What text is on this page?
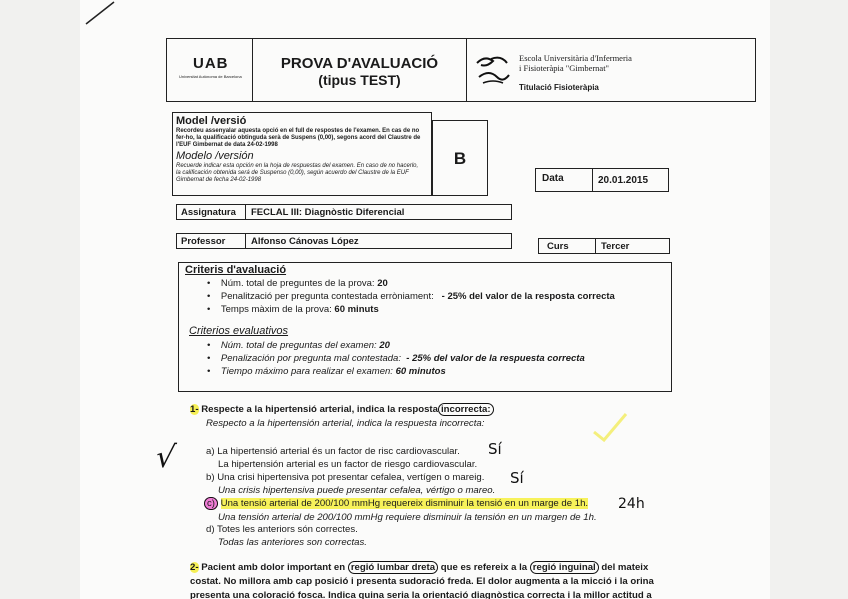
UAB
Universitat Autònoma de Barcelona
PROVA D'AVALUACIÓ
(tipus TEST)
Escola Universitària d'Infermeria
i Fisioteràpia "Gimbernat"
Titulació Fisioteràpia
Model /versió
Recordeu assenyalar aquesta opció en el full de respostes de l'examen. En cas de no fer-ho, la qualificació obtinguda serà de Suspens (0,00), segons acord del Claustre de l'EUF Gimbernat de data 24-02-1998
Modelo /versión
Recuerde indicar esta opción en la hoja de respuestas del examen. En caso de no hacerlo, la calificación obtenida será de Suspenso (0,00), según acuerdo del Claustre de la EUF Gimbernat de fecha 24-02-1998
B
Data	20.01.2015
Assignatura FECLAL III: Diagnòstic Diferencial
Professor	Alfonso Cánovas López	Curs	Tercer
Criteris d'avaluació
•    Núm. total de preguntes de la prova: 20
•    Penalització per pregunta contestada erròniament: - 25% del valor de la resposta correcta
•    Temps màxim de la prova: 60 minuts
Criterios evaluativos
•    Núm. total de preguntas del examen: 20
•    Penalización por pregunta mal contestada: - 25% del valor de la respuesta correcta
•    Tiempo máximo para realizar el examen: 60 minutos
1- Respecte a la hipertensió arterial, indica la resposta incorrecta:
Respecto a la hipertensión arterial, indica la respuesta incorrecta:
√	a) La hipertensió arterial és un factor de risc cardiovascular.
La hipertensión arterial es un factor de riesgo cardiovascular.
Sí
b) Una crisi hipertensiva pot presentar cefalea, vertígen o mareig.
Una crisis hipertensiva puede presentar cefalea, vértigo o mareo.
Sí
c) Una tensió arterial de 200/100 mmHg requereix disminuir la tensió en un marge de 1h.
Una tensión arterial de 200/100 mmHg requiere disminuir la tensión en un margen de 1h.
24h
d) Totes les anteriors són correctes.
Todas las anteriores son correctas.
2- Pacient amb dolor important en regió lumbar dreta que es refereix a la regió inguinal del mateix
costat. No millora amb cap posició i presenta sudoració freda. El dolor augmenta a la micció i la orina
presenta una coloració fosca. Indica quina seria la orientació diagnòstica correcta i la millor actitud a
